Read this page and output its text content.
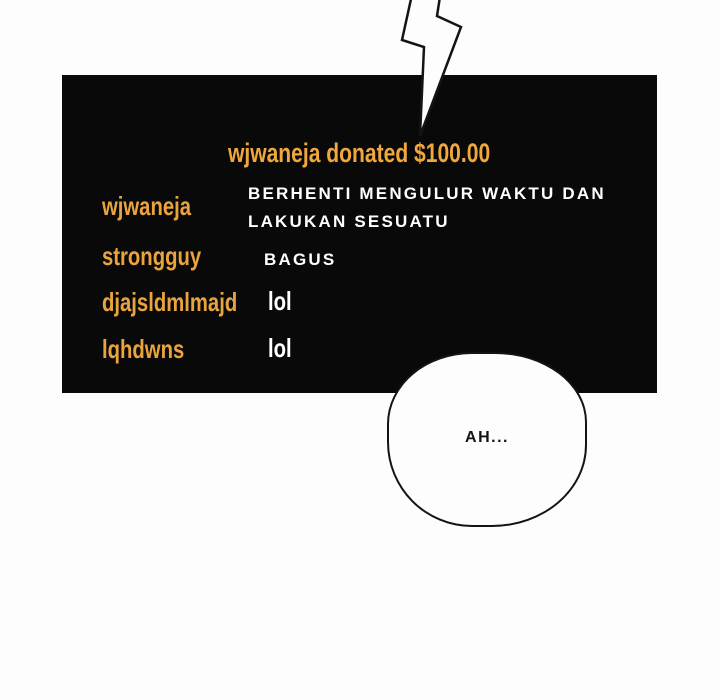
wjwaneja donated $100.00
wjwaneja	BERHENTI MENGULUR WAKTU DAN LAKUKAN SESUATU
strongguy	BAGUS
djajsldmlmajd	lol
lqhdwns	lol
AH...
